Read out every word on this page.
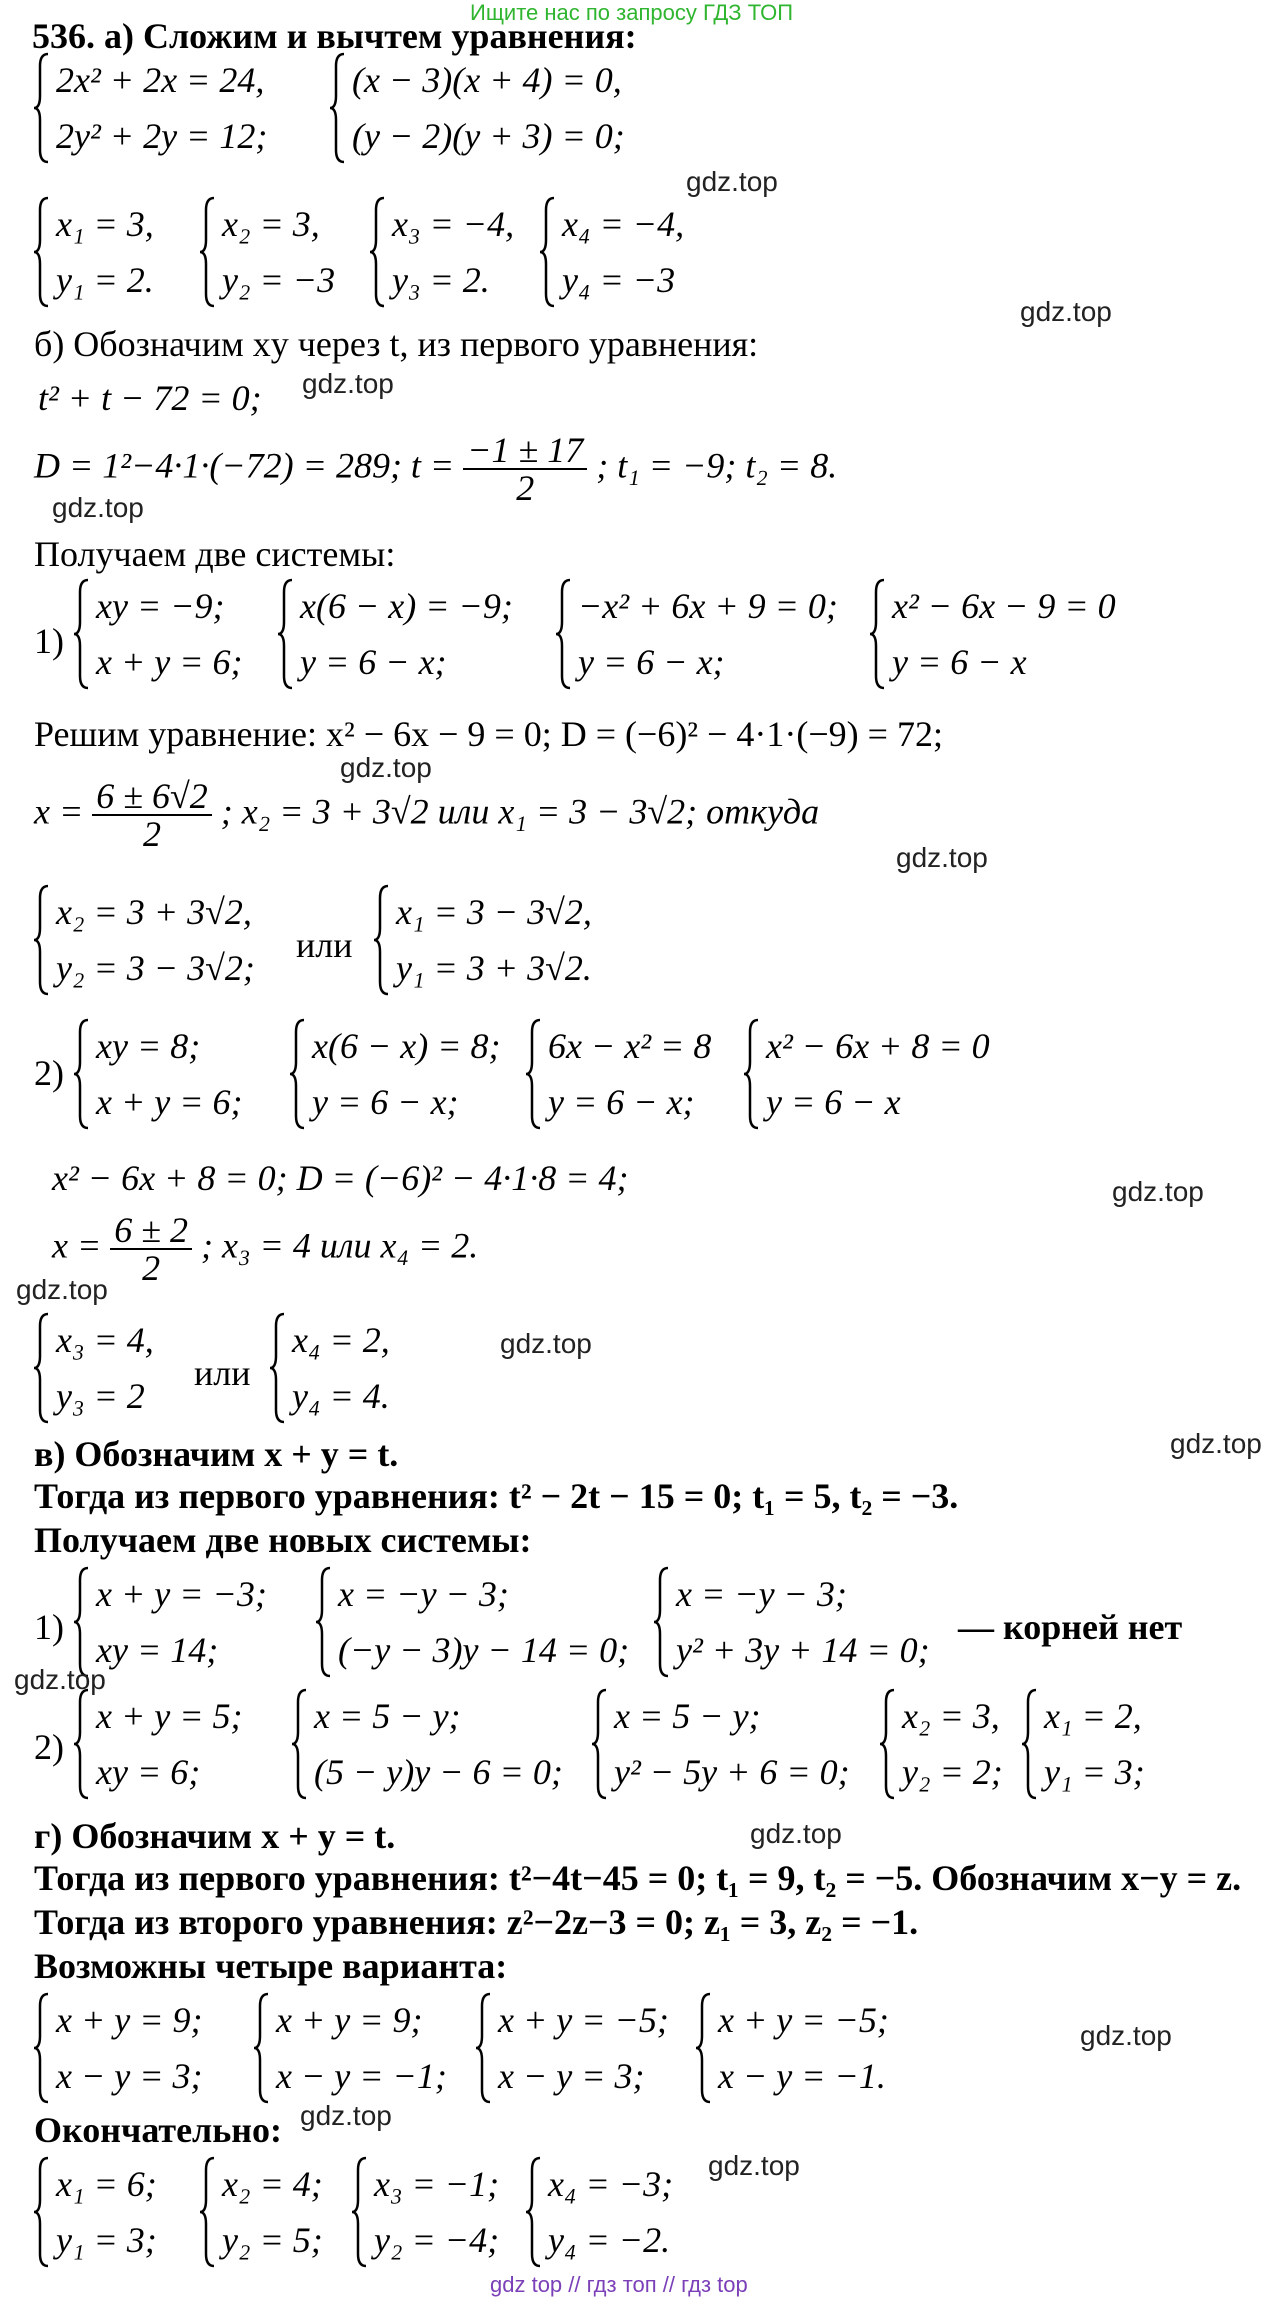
Ищите нас по запросу ГДЗ ТОП
536. а) Сложим и вычтем уравнения:
2x² + 2x = 24,
2y² + 2y = 12;
(x − 3)(x + 4) = 0,
(y − 2)(y + 3) = 0;
x₁ = 3,
y₁ = 2.
x₂ = 3,
y₂ = −3
x₃ = −4,
y₃ = 2.
x₄ = −4,
y₄ = −3
б) Обозначим xy через t, из первого уравнения:
t² + t − 72 = 0;
D = 1²−4·1·(−72) = 289; $t = \frac{-1 \pm 17}{2}$ ; t₁ = −9; t₂ = 8.
Получаем две системы:
1)
xy = −9;
x + y = 6;
x(6 − x) = −9;
y = 6 − x;
−x² + 6x + 9 = 0;
y = 6 − x;
x² − 6x − 9 = 0
y = 6 − x
Решим уравнение: x² − 6x − 9 = 0; D = (−6)² − 4·1·(−9) = 72;
$x = \frac{6 \pm 6√2}{2}$ ; x₂ = 3 + 3√2 или x₁ = 3 − 3√2; откуда
x₂ = 3 + 3√2,
y₂ = 3 − 3√2;
или
x₁ = 3 − 3√2,
y₁ = 3 + 3√2.
2)
xy = 8;
x + y = 6;
x(6 − x) = 8;
y = 6 − x;
6x − x² = 8
y = 6 − x;
x² − 6x + 8 = 0
y = 6 − x
x² − 6x + 8 = 0; D = (−6)² − 4·1·8 = 4;
$x = \frac{6 \pm 2}{2}$ ; x₃ = 4 или x₄ = 2.
x₃ = 4,
y₃ = 2
или
x₄ = 2,
y₄ = 4.
в) Обозначим x + y = t.
Тогда из первого уравнения: t² − 2t − 15 = 0; t₁ = 5, t₂ = −3.
Получаем две новых системы:
1)
x + y = −3;
xy = 14;
x = −y − 3;
(−y − 3)y − 14 = 0;
x = −y − 3;
y² + 3y + 14 = 0;
— корней нет
2)
x + y = 5;
xy = 6;
x = 5 − y;
(5 − y)y − 6 = 0;
x = 5 − y;
y² − 5y + 6 = 0;
x₂ = 3,
y₂ = 2;
x₁ = 2,
y₁ = 3;
г) Обозначим x + y = t.
Тогда из первого уравнения: t²−4t−45 = 0; t₁ = 9, t₂ = −5. Обозначим x−y = z.
Тогда из второго уравнения: z²−2z−3 = 0; z₁ = 3, z₂ = −1.
Возможны четыре варианта:
x + y = 9;
x − y = 3;
x + y = 9;
x − y = −1;
x + y = −5;
x − y = 3;
x + y = −5;
x − y = −1.
Окончательно:
x₁ = 6;
y₁ = 3;
x₂ = 4;
y₂ = 5;
x₃ = −1;
y₂ = −4;
x₄ = −3;
y₄ = −2.
gdz.top
gdz.top
gdz.top
gdz.top
gdz.top
gdz.top
gdz.top
gdz.top
gdz.top
gdz.top
gdz.top
gdz.top
gdz.top
gdz.top
gdz.top
gdz top // гдз топ // гдз top
